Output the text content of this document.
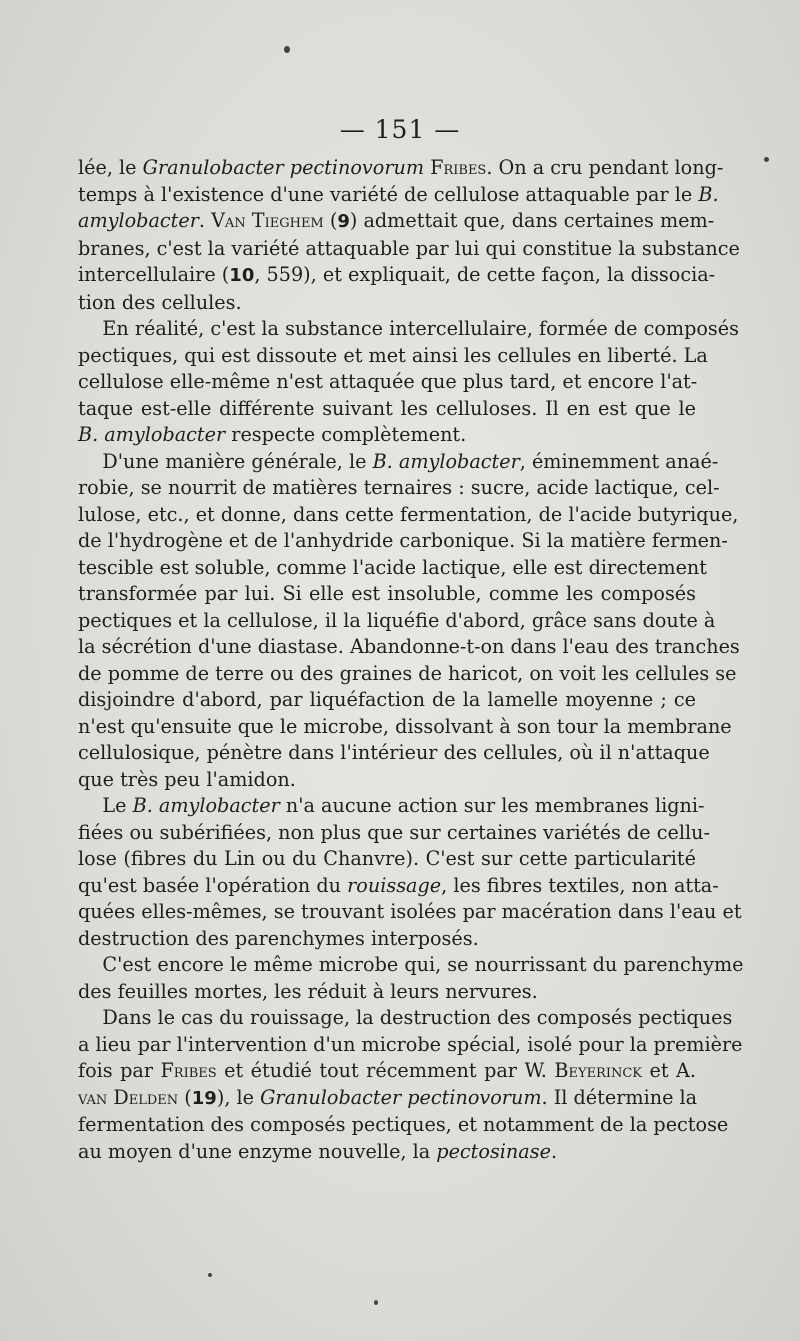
— 151 —

lée, le Granulobacter pectinovorum Fribes. On a cru pendant long-
temps à l'existence d'une variété de cellulose attaquable par le B.
amylobacter. Van Tieghem (9) admettait que, dans certaines mem-
branes, c'est la variété attaquable par lui qui constitue la substance
intercellulaire (10, 559), et expliquait, de cette façon, la dissocia-
tion des cellules.

En réalité, c'est la substance intercellulaire, formée de composés
pectiques, qui est dissoute et met ainsi les cellules en liberté. La
cellulose elle-même n'est attaquée que plus tard, et encore l'at-
taque est-elle différente suivant les celluloses. Il en est que le
B. amylobacter respecte complètement.

D'une manière générale, le B. amylobacter, éminemment anaé-
robie, se nourrit de matières ternaires : sucre, acide lactique, cel-
lulose, etc., et donne, dans cette fermentation, de l'acide butyrique,
de l'hydrogène et de l'anhydride carbonique. Si la matière fermen-
tescible est soluble, comme l'acide lactique, elle est directement
transformée par lui. Si elle est insoluble, comme les composés
pectiques et la cellulose, il la liquéfie d'abord, grâce sans doute à
la sécrétion d'une diastase. Abandonne-t-on dans l'eau des tranches
de pomme de terre ou des graines de haricot, on voit les cellules se
disjoindre d'abord, par liquéfaction de la lamelle moyenne ; ce
n'est qu'ensuite que le microbe, dissolvant à son tour la membrane
cellulosique, pénètre dans l'intérieur des cellules, où il n'attaque
que très peu l'amidon.

Le B. amylobacter n'a aucune action sur les membranes ligni-
fiées ou subérifiées, non plus que sur certaines variétés de cellu-
lose (fibres du Lin ou du Chanvre). C'est sur cette particularité
qu'est basée l'opération du rouissage, les fibres textiles, non atta-
quées elles-mêmes, se trouvant isolées par macération dans l'eau et
destruction des parenchymes interposés.

C'est encore le même microbe qui, se nourrissant du parenchyme
des feuilles mortes, les réduit à leurs nervures.

Dans le cas du rouissage, la destruction des composés pectiques
a lieu par l'intervention d'un microbe spécial, isolé pour la première
fois par Fribes et étudié tout récemment par W. Beyerinck et A.
van Delden (19), le Granulobacter pectinovorum. Il détermine la
fermentation des composés pectiques, et notamment de la pectose
au moyen d'une enzyme nouvelle, la pectosinase.
